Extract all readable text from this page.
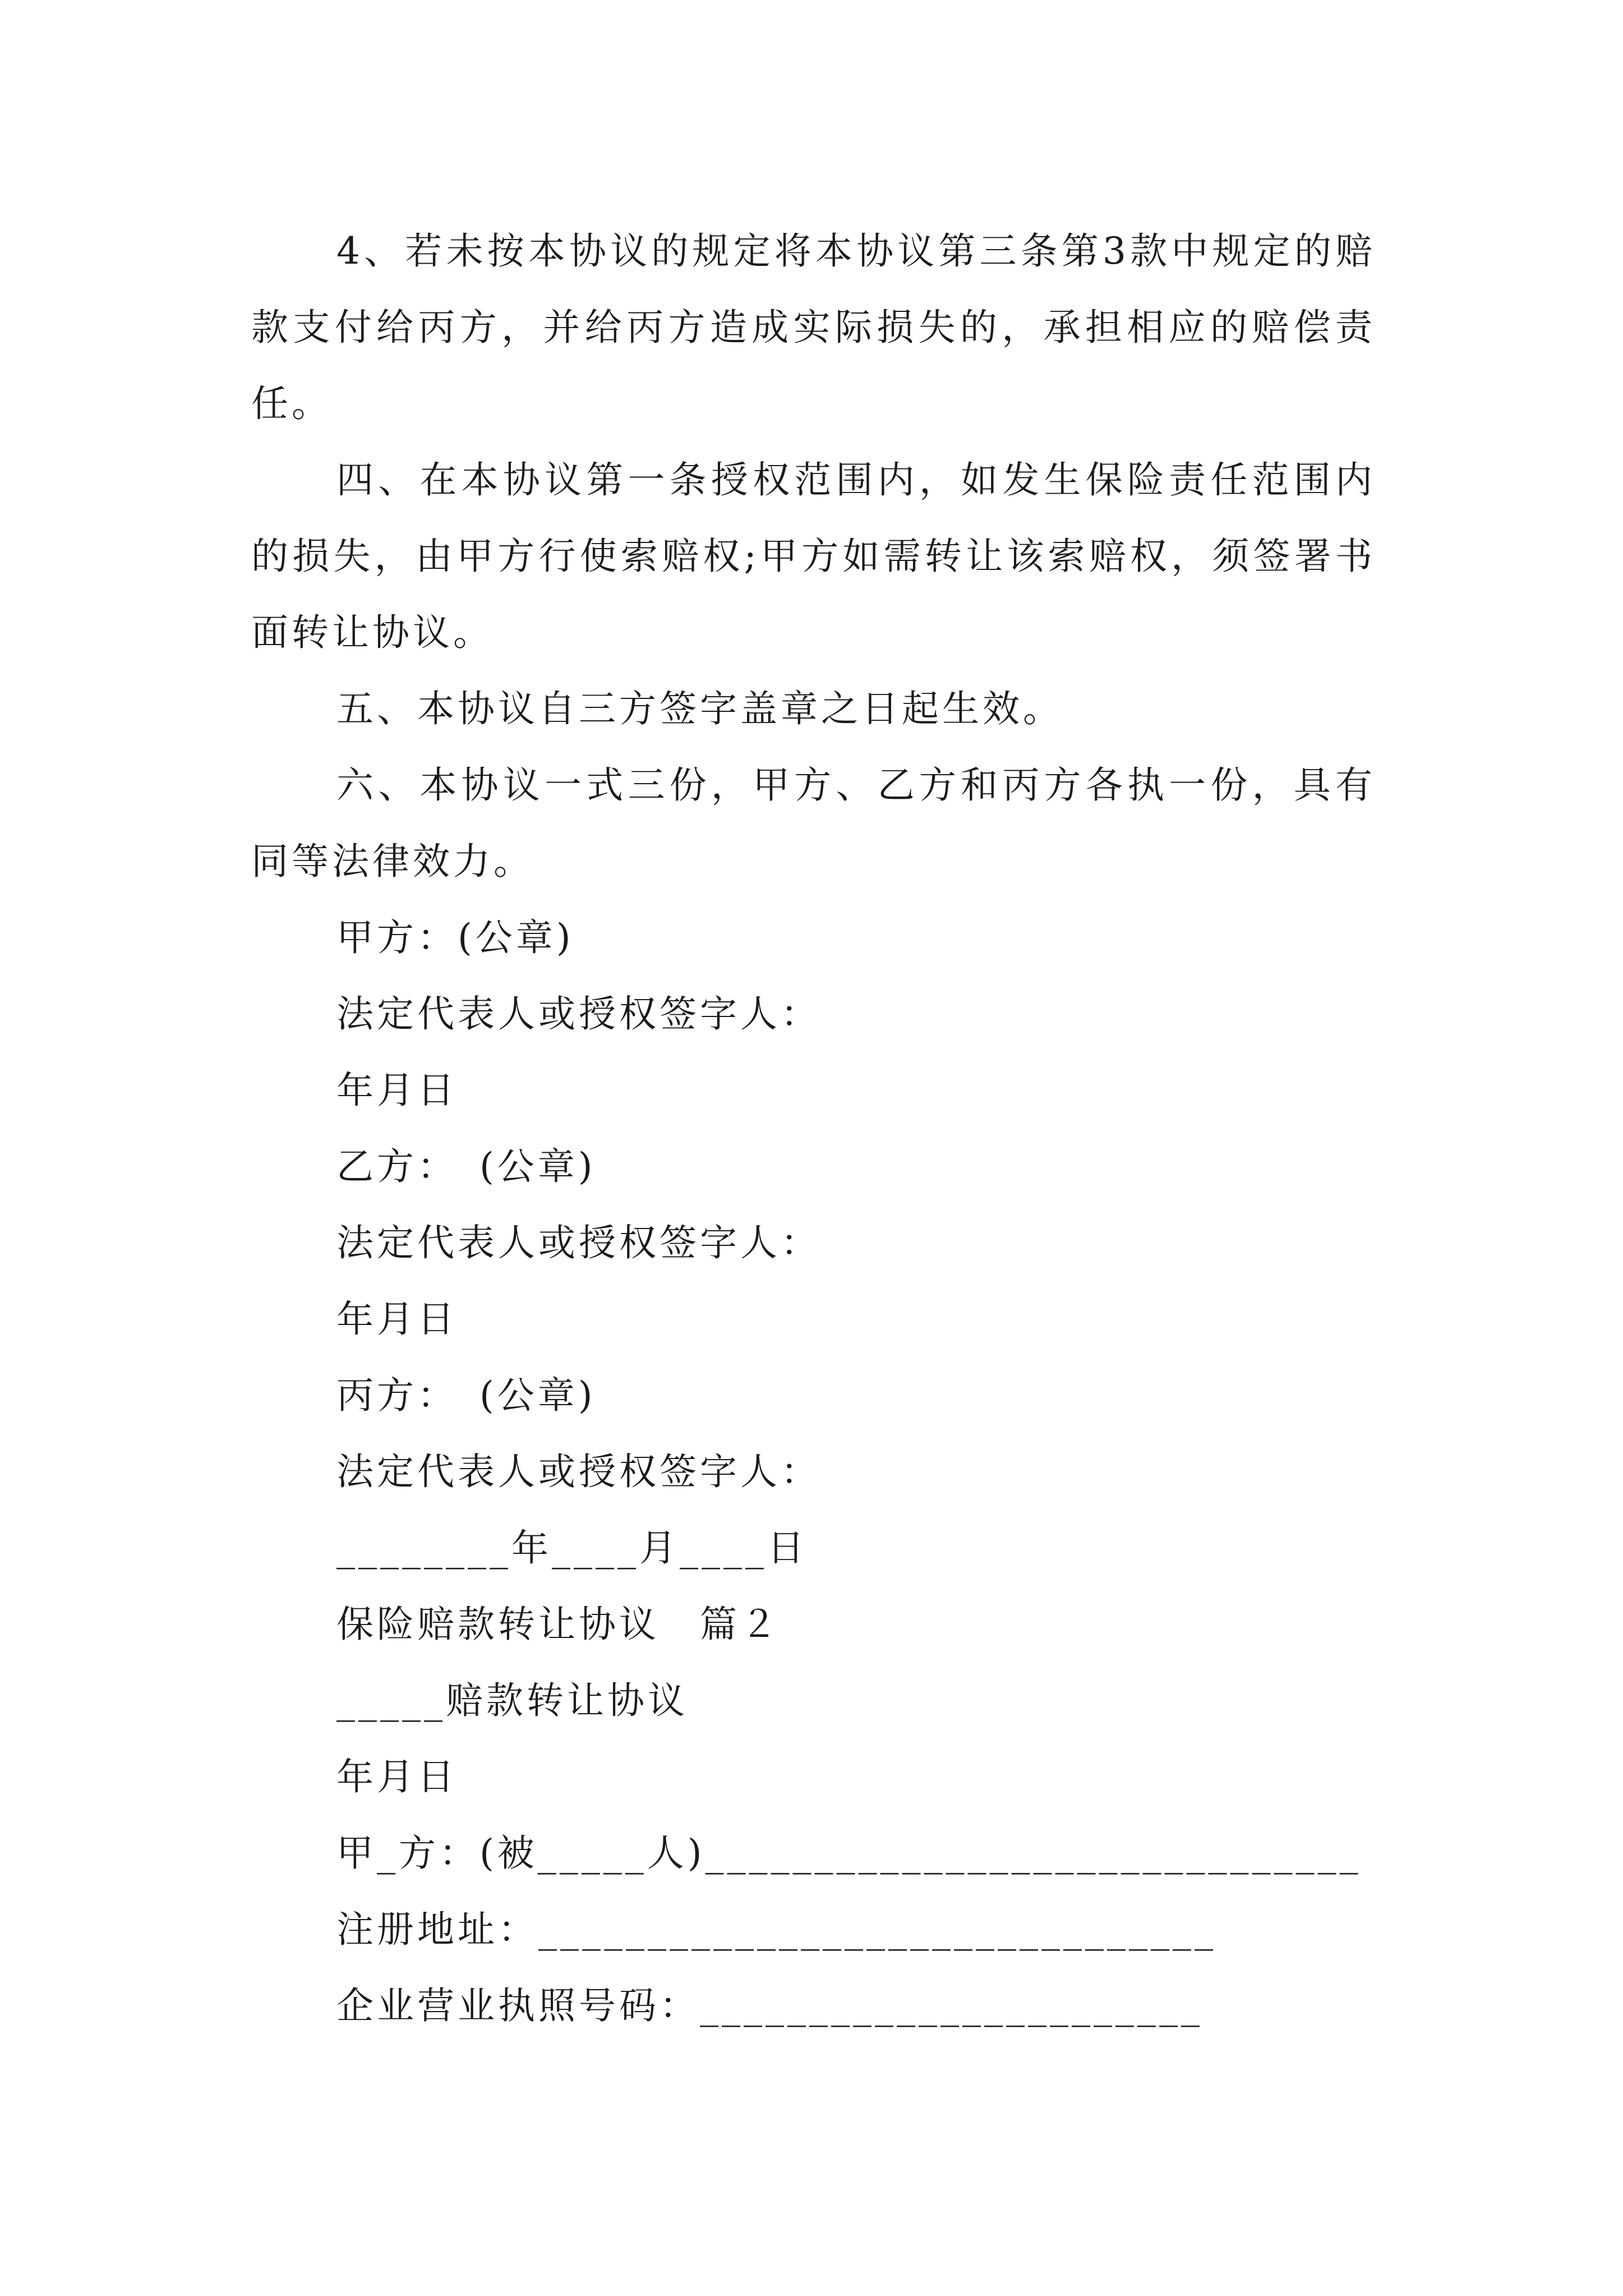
4、若未按本协议的规定将本协议第三条第3款中规定的赔款支付给丙方，并给丙方造成实际损失的，承担相应的赔偿责任。

四、在本协议第一条授权范围内，如发生保险责任范围内的损失，由甲方行使索赔权;甲方如需转让该索赔权，须签署书面转让协议。

五、本协议自三方签字盖章之日起生效。

六、本协议一式三份，甲方、乙方和丙方各执一份，具有同等法律效力。

甲方：(公章)

法定代表人或授权签字人：

年月日

乙方：　(公章)

法定代表人或授权签字人：

年月日

丙方：　(公章)

法定代表人或授权签字人：

________年____月____日

保险赔款转让协议　篇２

_____赔款转让协议

年月日

甲_方：(被_____人)______________________________

注册地址：_______________________________

企业营业执照号码：_______________________
